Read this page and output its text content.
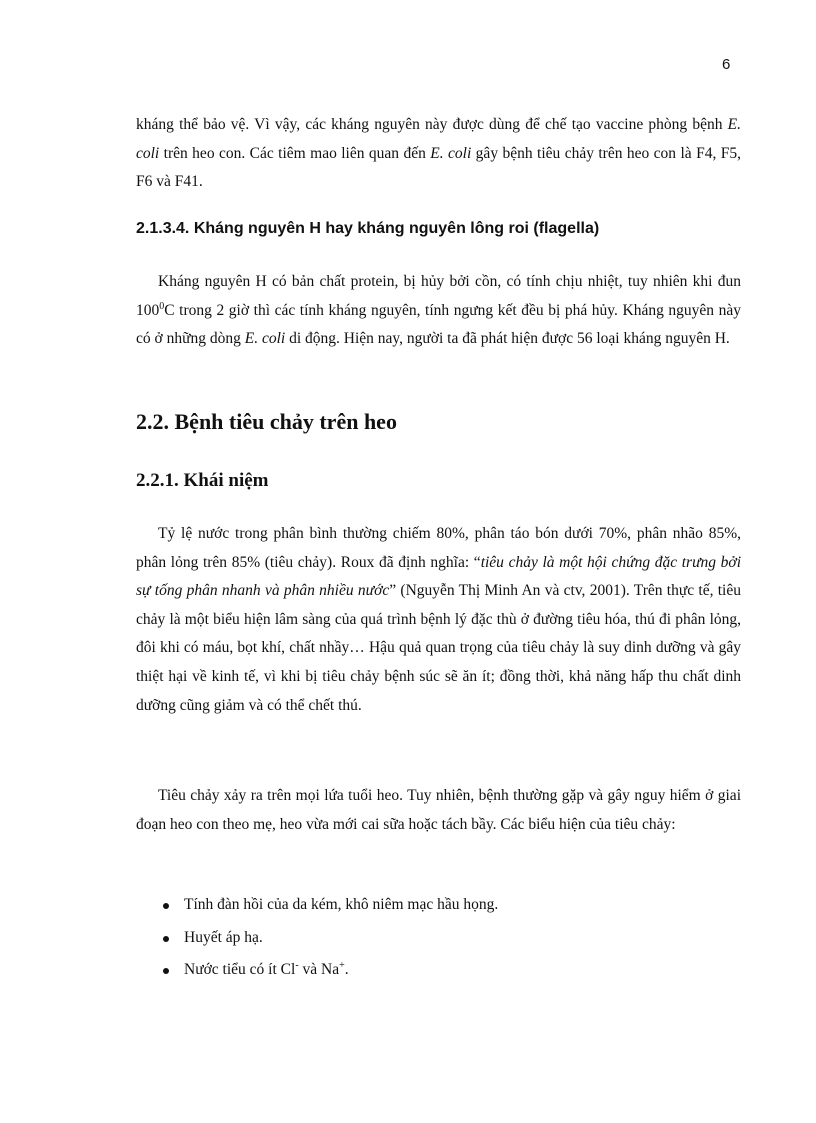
6

kháng thể bảo vệ. Vì vậy, các kháng nguyên này được dùng để chế tạo vaccine phòng bệnh E. coli trên heo con. Các tiêm mao liên quan đến E. coli gây bệnh tiêu chảy trên heo con là F4, F5, F6 và F41.

2.1.3.4. Kháng nguyên H hay kháng nguyên lông roi (flagella)

Kháng nguyên H có bản chất protein, bị hủy bởi cồn, có tính chịu nhiệt, tuy nhiên khi đun $100^0C$ trong 2 giờ thì các tính kháng nguyên, tính ngưng kết đều bị phá hủy. Kháng nguyên này có ở những dòng E. coli di động. Hiện nay, người ta đã phát hiện được 56 loại kháng nguyên H.

2.2. Bệnh tiêu chảy trên heo
2.2.1. Khái niệm

Tỷ lệ nước trong phân bình thường chiếm 80%, phân táo bón dưới 70%, phân nhão 85%, phân lỏng trên 85% (tiêu chảy). Roux đã định nghĩa: “tiêu chảy là một hội chứng đặc trưng bởi sự tống phân nhanh và phân nhiều nước” (Nguyễn Thị Minh An và ctv, 2001). Trên thực tế, tiêu chảy là một biểu hiện lâm sàng của quá trình bệnh lý đặc thù ở đường tiêu hóa, thú đi phân lỏng, đôi khi có máu, bọt khí, chất nhầy… Hậu quả quan trọng của tiêu chảy là suy dinh dưỡng và gây thiệt hại về kinh tế, vì khi bị tiêu chảy bệnh súc sẽ ăn ít; đồng thời, khả năng hấp thu chất dinh dưỡng cũng giảm và có thể chết thú.

Tiêu chảy xảy ra trên mọi lứa tuổi heo. Tuy nhiên, bệnh thường gặp và gây nguy hiểm ở giai đoạn heo con theo mẹ, heo vừa mới cai sữa hoặc tách bầy. Các biểu hiện của tiêu chảy:

Tính đàn hồi của da kém, khô niêm mạc hầu họng.
Huyết áp hạ.
Nước tiểu có ít Cl- và Na+.
